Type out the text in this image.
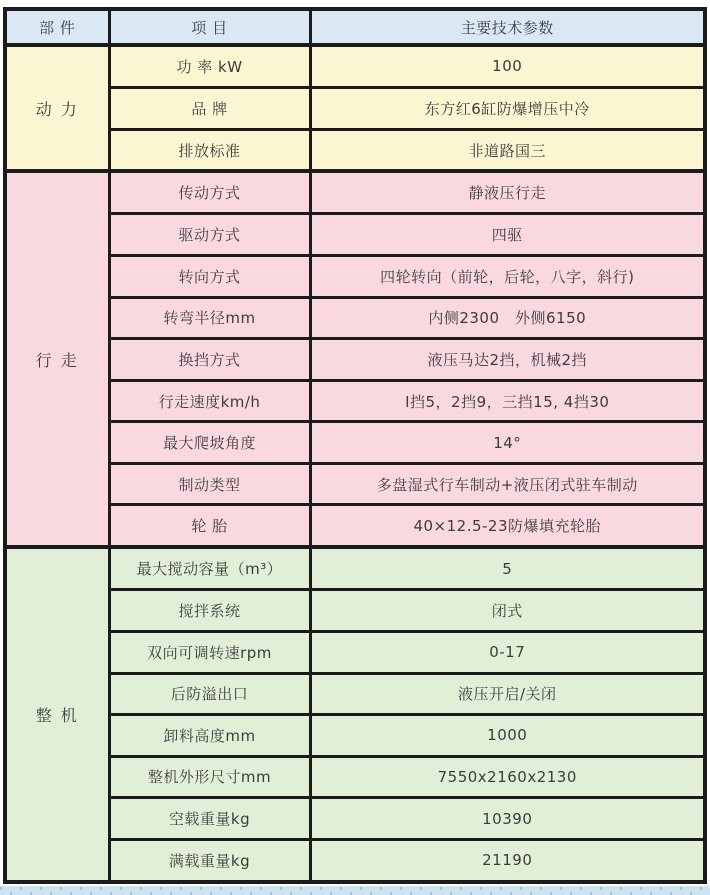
部 件	项 目	主要技术参数
动 力	功 率 kW	100
	品 牌	东方红6缸防爆增压中冷
	排放标准	非道路国三
行 走	传动方式	静液压行走
	驱动方式	四驱
	转向方式	四轮转向（前轮，后轮，八字，斜行)
	转弯半径mm	内侧2300　外侧6150
	换挡方式	液压马达2挡，机械2挡
	行走速度km/h	I挡5，2挡9，三挡15, 4挡30
	最大爬坡角度	14°
	制动类型	多盘湿式行车制动+液压闭式驻车制动
	轮 胎	40×12.5-23防爆填充轮胎
整 机	最大搅动容量（m³）	5
	搅拌系统	闭式
	双向可调转速rpm	0-17
	后防溢出口	液压开启/关闭
	卸料高度mm	1000
	整机外形尺寸mm	7550x2160x2130
	空载重量kg	10390
	满载重量kg	21190
